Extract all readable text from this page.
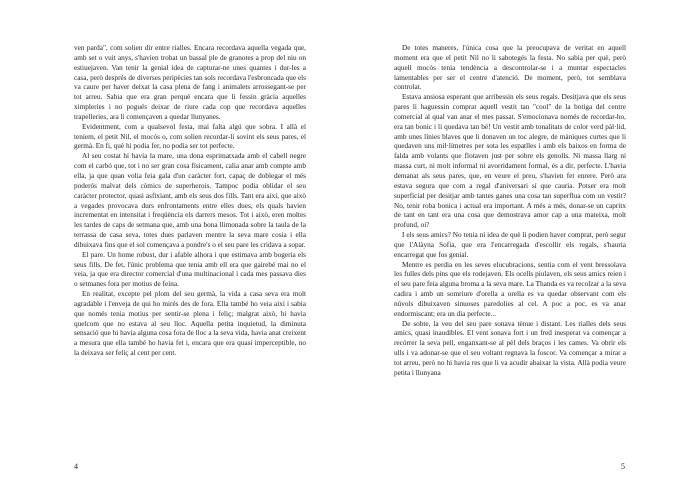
ven parda", com solien dir entre rialles. Encara recordava aquella vegada que, amb set o vuit anys, s'havien trobat un bassal ple de granotes a prop del niu on estiuejaven. Van tenir la genial idea de capturar-ne unes quantes i dur-les a casa, però després de diverses peripècies tan sols recordava l'esbroncada que els va caure per haver deixat la casa plena de fang i animalets arrossegant-se per tot arreu. Sabia que era gran perquè encara que li fessin gràcia aquelles ximpleries i no pogués deixar de riure cada cop que recordava aquelles trapelleries, ara li començaven a quedar llunyanes.

Evidentment, com a qualsevol festa, mai falta algú que sobra. I allà el teníem, el petit Nil, el mocós o, com solien recordar-li sovint els seus pares, el germà. En fi, què hi podia fer, no podia ser tot perfecte.

Al seu costat hi havia la mare, una dona esprimatxada amb el cabell negre com el carbó que, tot i no ser gran cosa físicament, calia anar amb compte amb ella, ja que quan volia feia gala d'un caràcter fort, capaç de doblegar el més poderós malvat dels còmics de superherois. Tampoc podia oblidar el seu caràcter protector, quasi asfixiant, amb els seus dos fills. Tant era així, que això a vegades provocava durs enfrontaments entre elles dues, els quals havien incrementat en intensitat i freqüència els darrers mesos. Tot i això, eren moltes les tardes de caps de setmana que, amb una bona llimonada sobre la taula de la terrassa de casa seva, totes dues parlaven mentre la seva mare cosia i ella dibuixava fins que el sol començava a pondre's o el seu pare les cridava a sopar.

El pare. Un home robust, dur i afable alhora i que estimava amb bogeria els seus fills. De fet, l'únic problema que tenia amb ell era que gairebé mai no el veia, ja que era director comercial d'una multinacional i cada mes passava dies o setmanes fora per motius de feina.

En realitat, excepte pel plom del seu germà, la vida a casa seva era molt agradable i l'enveja de qui ho mirés des de fora. Ella també ho veia així i sabia que només tenia motius per sentir-se plena i feliç; malgrat això, hi havia quelcom que no estava al seu lloc. Aquella petita inquietud, la diminuta sensació que hi havia alguna cosa fora de lloc a la seva vida, havia anat creixent a mesura que ella també ho havia fet i, encara que era quasi imperceptible, no la deixava ser feliç al cent per cent.

4

De totes maneres, l'única cosa que la preocupava de veritat en aquell moment era que el petit Nil no li sabotegés la festa. No sabia per què, però aquell mocós tenia tendència a descontrolar-se i a muntar espectacles lamentables per ser el centre d'atenció. De moment, però, tot semblava controlat.

Estava ansiosa esperant que arribessin els seus regals. Desitjava que els seus pares li haguessin comprat aquell vestit tan "cool" de la botiga del centre comercial al qual van anar el mes passat. S'emocionava només de recordar-ho, era tan bonic i li quedava tan bé! Un vestit amb tonalitats de color verd pàl·lid, amb unes línies blaves que li donaven un toc alegre, de màniques curtes que li quedaven uns mil·límetres per sota les espatlles i amb els baixos en forma de falda amb volants que flotaven just per sobre els genolls. Ni massa llarg ni massa curt, ni molt informal ni avorridament formal, és a dir, perfecte. L'havia demanat als seus pares, que, en veure el preu, s'havien fet enrere. Però ara estava segura que com a regal d'aniversari sí que cauria. Potser era molt superficial per desitjar amb tantes ganes una cosa tan superflua com un vestit? No, tenir roba bonica i actual era important. A més a més, donar-se un capritx de tant en tant era una cosa que demostrava amor cap a una mateixa, molt profund, oi?

I els seus amics? No tenia ni idea de què li podien haver comprat, però segur que l'Alàyna Sofia, que era l'encarregada d'escollir els regals, s'hauria encarregat que fos genial.

Mentre es perdia en les seves elucubracions, sentia com el vent bressolava les fulles dels pins que els rodejaven. Els ocells piulaven, els seus amics reien i el seu pare feia alguna broma a la seva mare. La Thanda es va recolzar a la seva cadira i amb un somriure d'orella a orella es va quedar observant com els núvols dibuixaven sinuoses paredolies al cel. A poc a poc, es va anar endormiscant; era un dia perfecte...

De sobte, la veu del seu pare sonava tènue i distant. Les rialles dels seus amics, quasi inaudibles. El vent sonava fort i un fred inesperat va començar a recórrer la seva pell, enganxant-se al pèl dels braços i les cames. Va obrir els ulls i va adonar-se que el seu voltant regnava la foscor. Va començar a mirar a tot arreu, però no hi havia res que li va acudir abaixar la vista. Allà podia veure petita i llunyana

5
